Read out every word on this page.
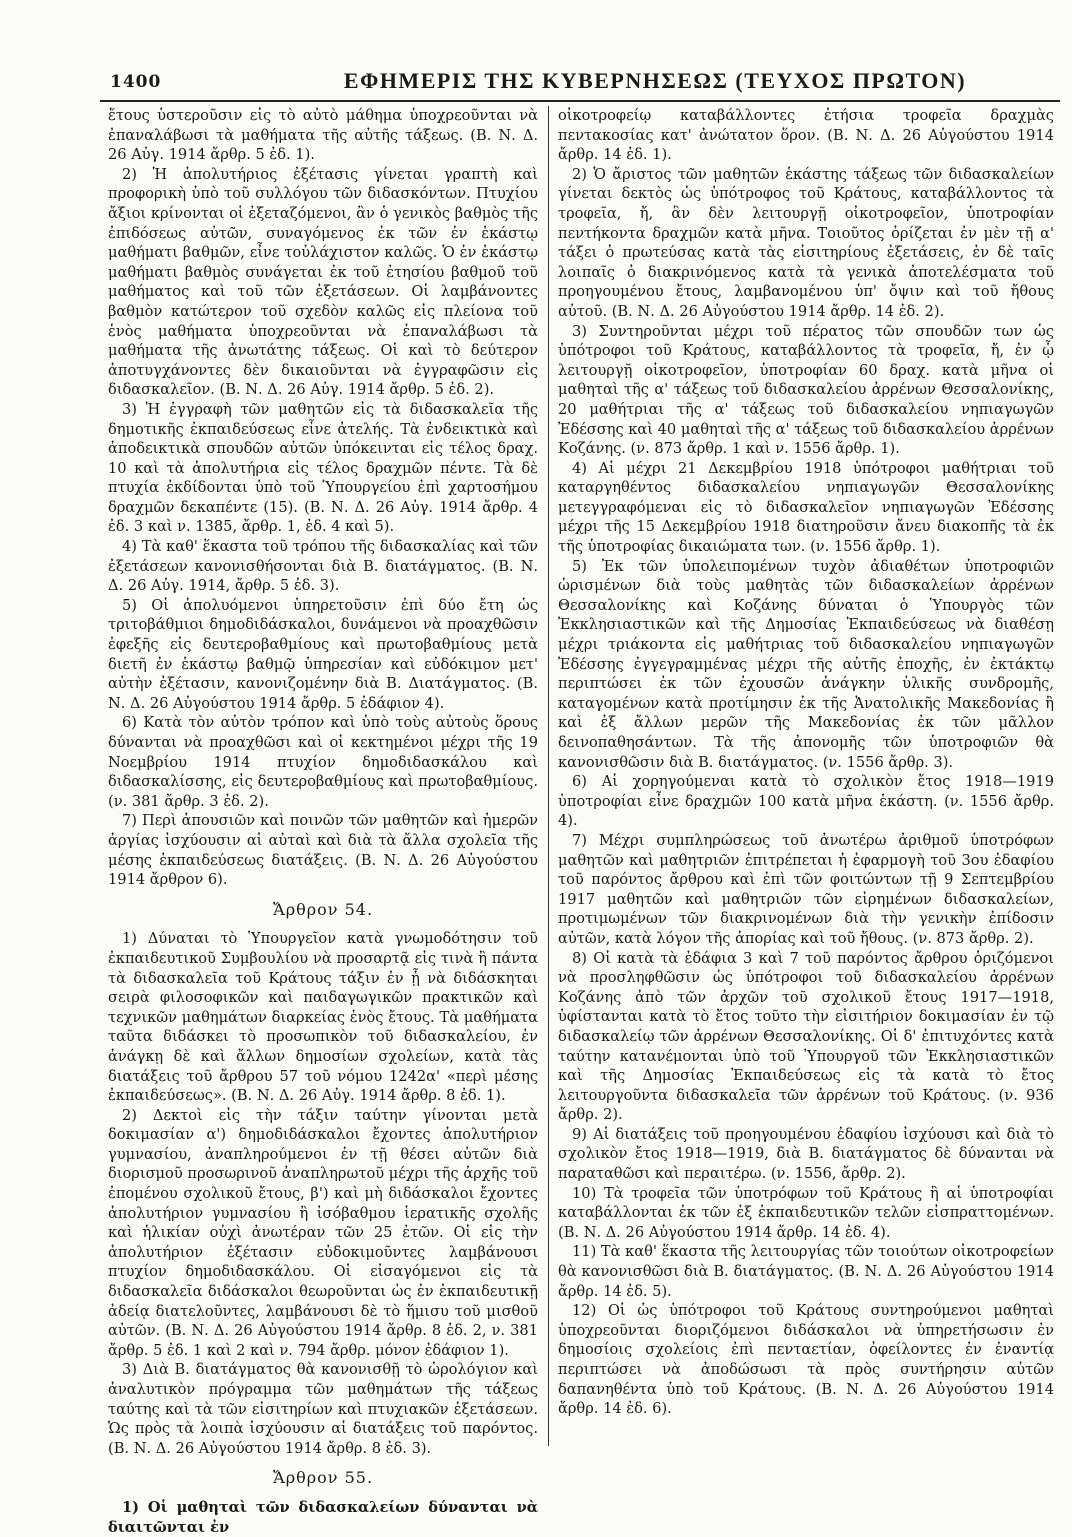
1400	ΕΦΗΜΕΡΙΣ ΤΗΣ ΚΥΒΕΡΝΗΣΕΩΣ (ΤΕΥΧΟΣ ΠΡΩΤΟΝ)

ἔτους ὑστεροῦσιν εἰς τὸ αὐτὸ μάθημα ὑποχρεοῦνται νὰ ἐπαναλάβωσι τὰ μαθήματα τῆς αὐτῆς τάξεως. (Β. Ν. Δ. 26 Αὐγ. 1914 ἄρθρ. 5 ἐδ. 1).

2) Ἡ ἀπολυτήριος ἐξέτασις γίνεται γραπτὴ καὶ προφορικὴ ὑπὸ τοῦ συλλόγου τῶν διδασκόντων. Πτυχίου ἄξιοι κρίνονται οἱ ἐξεταζόμενοι, ἂν ὁ γενικὸς βαθμὸς τῆς ἐπιδόσεως αὐτῶν, συναγόμενος ἐκ τῶν ἐν ἑκάστῳ μαθήματι βαθμῶν, εἶνε τοὐλάχιστον καλῶς. Ὁ ἐν ἑκάστῳ μαθήματι βαθμὸς συνάγεται ἐκ τοῦ ἐτησίου βαθμοῦ τοῦ μαθήματος καὶ τοῦ τῶν ἐξετάσεων. Οἱ λαμβάνοντες βαθμὸν κατώτερον τοῦ σχεδὸν καλῶς εἰς πλείονα τοῦ ἑνὸς μαθήματα ὑποχρεοῦνται νὰ ἐπαναλάβωσι τὰ μαθήματα τῆς ἀνωτάτης τάξεως. Οἱ καὶ τὸ δεύτερον ἀποτυγχάνοντες δὲν δικαιοῦνται νὰ ἐγγραφῶσιν εἰς διδασκαλεῖον. (Β. Ν. Δ. 26 Αὐγ. 1914 ἄρθρ. 5 ἐδ. 2).

3) Ἡ ἐγγραφὴ τῶν μαθητῶν εἰς τὰ διδασκαλεῖα τῆς δημοτικῆς ἐκπαιδεύσεως εἶνε ἀτελής. Τὰ ἐνδεικτικὰ καὶ ἀποδεικτικὰ σπουδῶν αὐτῶν ὑπόκεινται εἰς τέλος δραχ. 10 καὶ τὰ ἀπολυτήρια εἰς τέλος δραχμῶν πέντε. Τὰ δὲ πτυχία ἐκδίδονται ὑπὸ τοῦ Ὑπουργείου ἐπὶ χαρτοσήμου δραχμῶν δεκαπέντε (15). (Β. Ν. Δ. 26 Αὐγ. 1914 ἄρθρ. 4 ἐδ. 3 καὶ ν. 1385, ἄρθρ. 1, ἐδ. 4 καὶ 5).

4) Τὰ καθ' ἕκαστα τοῦ τρόπου τῆς διδασκαλίας καὶ τῶν ἐξετάσεων κανονισθήσονται διὰ Β. διατάγματος. (Β. Ν. Δ. 26 Αὐγ. 1914, ἄρθρ. 5 ἐδ. 3).

5) Οἱ ἀπολυόμενοι ὑπηρετοῦσιν ἐπὶ δύο ἔτη ὡς τριτοβάθμιοι δημοδιδάσκαλοι, δυνάμενοι νὰ προαχθῶσιν ἐφεξῆς εἰς δευτεροβαθμίους καὶ πρωτοβαθμίους μετὰ διετῆ ἐν ἑκάστῳ βαθμῷ ὑπηρεσίαν καὶ εὐδόκιμον μετ' αὐτὴν ἐξέτασιν, κανονιζομένην διὰ Β. Διατάγματος. (Β. Ν. Δ. 26 Αὐγούστου 1914 ἄρθρ. 5 ἐδάφιον 4).

6) Κατὰ τὸν αὐτὸν τρόπον καὶ ὑπὸ τοὺς αὐτοὺς ὅρους δύνανται νὰ προαχθῶσι καὶ οἱ κεκτημένοι μέχρι τῆς 19 Νοεμβρίου 1914 πτυχίον δημοδιδασκάλου καὶ διδασκαλίσσης, εἰς δευτεροβαθμίους καὶ πρωτοβαθμίους. (ν. 381 ἄρθρ. 3 ἐδ. 2).

7) Περὶ ἀπουσιῶν καὶ ποινῶν τῶν μαθητῶν καὶ ἡμερῶν ἀργίας ἰσχύουσιν αἱ αὐταὶ καὶ διὰ τὰ ἄλλα σχολεῖα τῆς μέσης ἐκπαιδεύσεως διατάξεις. (Β. Ν. Δ. 26 Αὐγούστου 1914 ἄρθρον 6).

Ἄρθρον 54.

1) Δύναται τὸ Ὑπουργεῖον κατὰ γνωμοδότησιν τοῦ ἐκπαιδευτικοῦ Συμβουλίου νὰ προσαρτᾷ εἰς τινὰ ἢ πάντα τὰ διδασκαλεῖα τοῦ Κράτους τάξιν ἐν ᾗ νὰ διδάσκηται σειρὰ φιλοσοφικῶν καὶ παιδαγωγικῶν πρακτικῶν καὶ τεχνικῶν μαθημάτων διαρκείας ἑνὸς ἔτους. Τὰ μαθήματα ταῦτα διδάσκει τὸ προσωπικὸν τοῦ διδασκαλείου, ἐν ἀνάγκῃ δὲ καὶ ἄλλων δημοσίων σχολείων, κατὰ τὰς διατάξεις τοῦ ἄρθρου 57 τοῦ νόμου 1242α' «περὶ μέσης ἐκπαιδεύσεως». (Β. Ν. Δ. 26 Αὐγ. 1914 ἄρθρ. 8 ἐδ. 1).

2) Δεκτοὶ εἰς τὴν τάξιν ταύτην γίνονται μετὰ δοκιμασίαν α') δημοδιδάσκαλοι ἔχοντες ἀπολυτήριον γυμνασίου, ἀναπληρούμενοι ἐν τῇ θέσει αὐτῶν διὰ διορισμοῦ προσωρινοῦ ἀναπληρωτοῦ μέχρι τῆς ἀρχῆς τοῦ ἐπομένου σχολικοῦ ἔτους, β') καὶ μὴ διδάσκαλοι ἔχοντες ἀπολυτήριον γυμνασίου ἢ ἰσόβαθμου ἱερατικῆς σχολῆς καὶ ἡλικίαν οὐχὶ ἀνωτέραν τῶν 25 ἐτῶν. Οἱ εἰς τὴν ἀπολυτήριον ἐξέτασιν εὐδοκιμοῦντες λαμβάνουσι πτυχίον δημοδιδασκάλου. Οἱ εἰσαγόμενοι εἰς τὰ διδασκαλεῖα διδάσκαλοι θεωροῦνται ὡς ἐν ἐκπαιδευτικῇ ἀδείᾳ διατελοῦντες, λαμβάνουσι δὲ τὸ ἥμισυ τοῦ μισθοῦ αὐτῶν. (Β. Ν. Δ. 26 Αὐγούστου 1914 ἄρθρ. 8 ἐδ. 2, ν. 381 ἄρθρ. 5 ἐδ. 1 καὶ 2 καὶ ν. 794 ἄρθρ. μόνον ἐδάφιον 1).

3) Διὰ Β. διατάγματος θὰ κανονισθῇ τὸ ὡρολόγιον καὶ ἀναλυτικὸν πρόγραμμα τῶν μαθημάτων τῆς τάξεως ταύτης καὶ τὰ τῶν εἰσιτηρίων καὶ πτυχιακῶν ἐξετάσεων. Ὡς πρὸς τὰ λοιπὰ ἰσχύουσιν αἱ διατάξεις τοῦ παρόντος. (Β. Ν. Δ. 26 Αὐγούστου 1914 ἄρθρ. 8 ἐδ. 3).

Ἄρθρον 55.

1) Οἱ μαθηταὶ τῶν διδασκαλείων δύνανται νὰ διαιτῶνται ἐν

οἰκοτροφείῳ καταβάλλοντες ἐτήσια τροφεῖα δραχμὰς πεντακοσίας κατ' ἀνώτατον ὅρον. (Β. Ν. Δ. 26 Αὐγούστου 1914 ἄρθρ. 14 ἐδ. 1).

2) Ὁ ἄριστος τῶν μαθητῶν ἑκάστης τάξεως τῶν διδασκαλείων γίνεται δεκτὸς ὡς ὑπότροφος τοῦ Κράτους, καταβάλλοντος τὰ τροφεῖα, ἤ, ἂν δὲν λειτουργῇ οἰκοτροφεῖον, ὑποτροφίαν πεντήκοντα δραχμῶν κατὰ μῆνα. Τοιοῦτος ὁρίζεται ἐν μὲν τῇ α' τάξει ὁ πρωτεύσας κατὰ τὰς εἰσιτηρίους ἐξετάσεις, ἐν δὲ ταῖς λοιπαῖς ὁ διακρινόμενος κατὰ τὰ γενικὰ ἀποτελέσματα τοῦ προηγουμένου ἔτους, λαμβανομένου ὑπ' ὄψιν καὶ τοῦ ἤθους αὐτοῦ. (Β. Ν. Δ. 26 Αὐγούστου 1914 ἄρθρ. 14 ἐδ. 2).

3) Συντηροῦνται μέχρι τοῦ πέρατος τῶν σπουδῶν των ὡς ὑπότροφοι τοῦ Κράτους, καταβάλλοντος τὰ τροφεῖα, ἤ, ἐν ᾧ λειτουργῇ οἰκοτροφεῖον, ὑποτροφίαν 60 δραχ. κατὰ μῆνα οἱ μαθηταὶ τῆς α' τάξεως τοῦ διδασκαλείου ἀρρένων Θεσσαλονίκης, 20 μαθήτριαι τῆς α' τάξεως τοῦ διδασκαλείου νηπιαγωγῶν Ἐδέσσης καὶ 40 μαθηταὶ τῆς α' τάξεως τοῦ διδασκαλείου ἀρρένων Κοζάνης. (ν. 873 ἄρθρ. 1 καὶ ν. 1556 ἄρθρ. 1).

4) Αἱ μέχρι 21 Δεκεμβρίου 1918 ὑπότροφοι μαθήτριαι τοῦ καταργηθέντος διδασκαλείου νηπιαγωγῶν Θεσσαλονίκης μετεγγραφόμεναι εἰς τὸ διδασκαλεῖον νηπιαγωγῶν Ἐδέσσης μέχρι τῆς 15 Δεκεμβρίου 1918 διατηροῦσιν ἄνευ διακοπῆς τὰ ἐκ τῆς ὑποτροφίας δικαιώματα των. (ν. 1556 ἄρθρ. 1).

5) Ἐκ τῶν ὑπολειπομένων τυχὸν ἀδιαθέτων ὑποτροφιῶν ὡρισμένων διὰ τοὺς μαθητὰς τῶν διδασκαλείων ἀρρένων Θεσσαλονίκης καὶ Κοζάνης δύναται ὁ Ὑπουργὸς τῶν Ἐκκλησιαστικῶν καὶ τῆς Δημοσίας Ἐκπαιδεύσεως νὰ διαθέσῃ μέχρι τριάκοντα εἰς μαθήτριας τοῦ διδασκαλείου νηπιαγωγῶν Ἐδέσσης ἐγγεγραμμένας μέχρι τῆς αὐτῆς ἐποχῆς, ἐν ἐκτάκτῳ περιπτώσει ἐκ τῶν ἐχουσῶν ἀνάγκην ὑλικῆς συνδρομῆς, καταγομένων κατὰ προτίμησιν ἐκ τῆς Ἀνατολικῆς Μακεδονίας ἢ καὶ ἐξ ἄλλων μερῶν τῆς Μακεδονίας ἐκ τῶν μᾶλλον δεινοπαθησάντων. Τὰ τῆς ἀπονομῆς τῶν ὑποτροφιῶν θὰ κανονισθῶσιν διὰ Β. διατάγματος. (ν. 1556 ἄρθρ. 3).

6) Αἱ χορηγούμεναι κατὰ τὸ σχολικὸν ἔτος 1918—1919 ὑποτροφίαι εἶνε δραχμῶν 100 κατὰ μῆνα ἑκάστη. (ν. 1556 ἄρθρ. 4).

7) Μέχρι συμπληρώσεως τοῦ ἀνωτέρω ἀριθμοῦ ὑποτρόφων μαθητῶν καὶ μαθητριῶν ἐπιτρέπεται ἡ ἐφαρμογὴ τοῦ 3ου ἐδαφίου τοῦ παρόντος ἄρθρου καὶ ἐπὶ τῶν φοιτώντων τῇ 9 Σεπτεμβρίου 1917 μαθητῶν καὶ μαθητριῶν τῶν εἰρημένων διδασκαλείων, προτιμωμένων τῶν διακρινομένων διὰ τὴν γενικὴν ἐπίδοσιν αὐτῶν, κατὰ λόγον τῆς ἀπορίας καὶ τοῦ ἤθους. (ν. 873 ἄρθρ. 2).

8) Οἱ κατὰ τὰ ἐδάφια 3 καὶ 7 τοῦ παρόντος ἄρθρου ὁριζόμενοι νὰ προσληφθῶσιν ὡς ὑπότροφοι τοῦ διδασκαλείου ἀρρένων Κοζάνης ἀπὸ τῶν ἀρχῶν τοῦ σχολικοῦ ἔτους 1917—1918, ὑφίστανται κατὰ τὸ ἔτος τοῦτο τὴν εἰσιτήριον δοκιμασίαν ἐν τῷ διδασκαλείῳ τῶν ἀρρένων Θεσσαλονίκης. Οἱ δ' ἐπιτυχόντες κατὰ ταύτην κατανέμονται ὑπὸ τοῦ Ὑπουργοῦ τῶν Ἐκκλησιαστικῶν καὶ τῆς Δημοσίας Ἐκπαιδεύσεως εἰς τὰ κατὰ τὸ ἔτος λειτουργοῦντα διδασκαλεῖα τῶν ἀρρένων τοῦ Κράτους. (ν. 936 ἄρθρ. 2).

9) Αἱ διατάξεις τοῦ προηγουμένου ἐδαφίου ἰσχύουσι καὶ διὰ τὸ σχολικὸν ἔτος 1918—1919, διὰ Β. διατάγματος δὲ δύνανται νὰ παραταθῶσι καὶ περαιτέρω. (ν. 1556, ἄρθρ. 2).

10) Τὰ τροφεῖα τῶν ὑποτρόφων τοῦ Κράτους ἢ αἱ ὑποτροφίαι καταβάλλονται ἐκ τῶν ἐξ ἐκπαιδευτικῶν τελῶν εἰσπραττομένων. (Β. Ν. Δ. 26 Αὐγούστου 1914 ἄρθρ. 14 ἐδ. 4).

11) Τὰ καθ' ἕκαστα τῆς λειτουργίας τῶν τοιούτων οἰκοτροφείων θὰ κανονισθῶσι διὰ Β. διατάγματος. (Β. Ν. Δ. 26 Αὐγούστου 1914 ἄρθρ. 14 ἐδ. 5).

12) Οἱ ὡς ὑπότροφοι τοῦ Κράτους συντηρούμενοι μαθηταὶ ὑποχρεοῦνται διοριζόμενοι διδάσκαλοι νὰ ὑπηρετήσωσιν ἐν δημοσίοις σχολείοις ἐπὶ πενταετίαν, ὀφείλοντες ἐν ἐναντίᾳ περιπτώσει νὰ ἀποδώσωσι τὰ πρὸς συντήρησιν αὐτῶν δαπανηθέντα ὑπὸ τοῦ Κράτους. (Β. Ν. Δ. 26 Αὐγούστου 1914 ἄρθρ. 14 ἐδ. 6).
